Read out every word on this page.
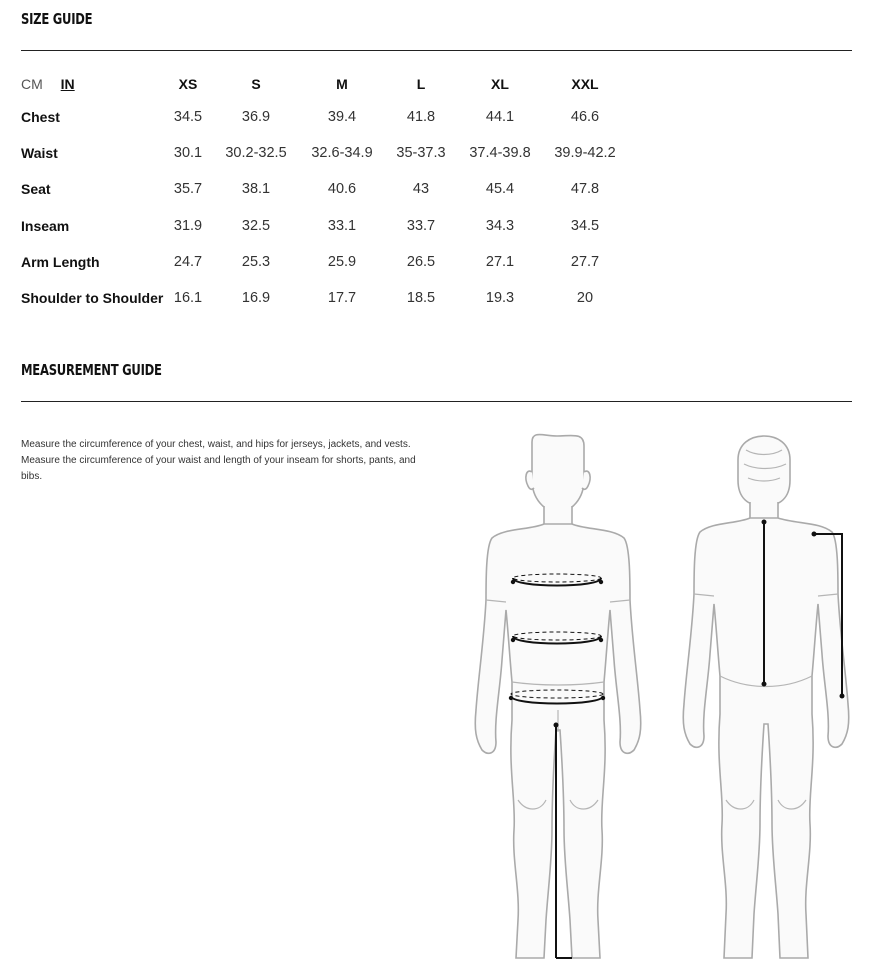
SIZE GUIDE
CM IN	XS	S	M	L	XL	XXL
Chest	34.5	36.9	39.4	41.8	44.1	46.6
Waist	30.1 30.2-32.5 32.6-34.9 35-37.3 37.4-39.8 39.9-42.2
Seat	35.7	38.1	40.6	43	45.4	47.8
Inseam	31.9	32.5	33.1	33.7	34.3	34.5
Arm Length	24.7	25.3	25.9	26.5	27.1	27.7
Shoulder to Shoulder 16.1	16.9	17.7	18.5	19.3	20
MEASUREMENT GUIDE

Measure the circumference of your chest, waist, and hips for jerseys, jackets, and vests.

Measure the circumference of your waist and length of your inseam for shorts, pants, and bibs.
